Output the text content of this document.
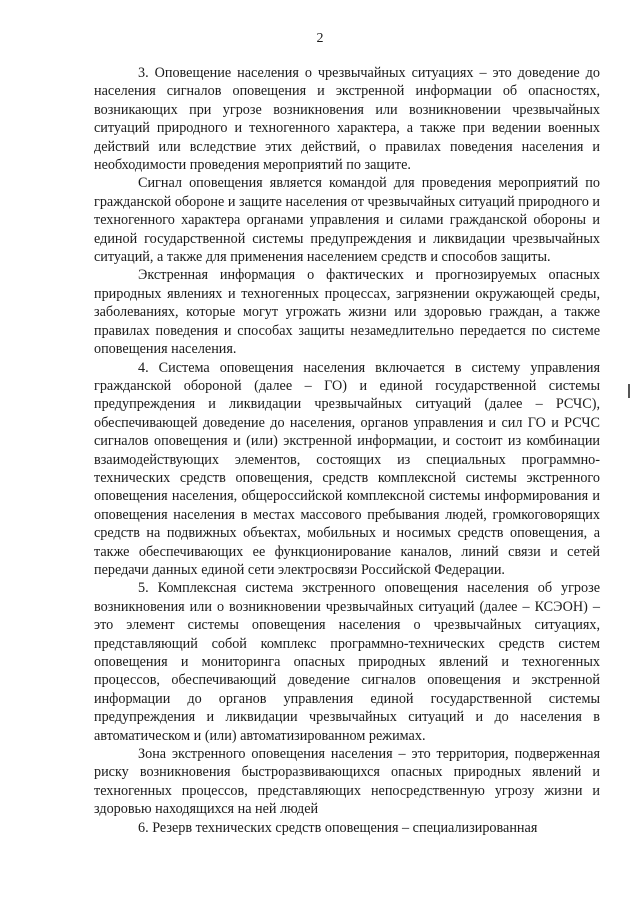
2

3. Оповещение населения о чрезвычайных ситуациях – это доведение до населения сигналов оповещения и экстренной информации об опасностях, возникающих при угрозе возникновения или возникновении чрезвычайных ситуаций природного и техногенного характера, а также при ведении военных действий или вследствие этих действий, о правилах поведения населения и необходимости проведения мероприятий по защите.

Сигнал оповещения является командой для проведения мероприятий по гражданской обороне и защите населения от чрезвычайных ситуаций природного и техногенного характера органами управления и силами гражданской обороны и единой государственной системы предупреждения и ликвидации чрезвычайных ситуаций, а также для применения населением средств и способов защиты.

Экстренная информация о фактических и прогнозируемых опасных природных явлениях и техногенных процессах, загрязнении окружающей среды, заболеваниях, которые могут угрожать жизни или здоровью граждан, а также правилах поведения и способах защиты незамедлительно передается по системе оповещения населения.

4. Система оповещения населения включается в систему управления гражданской обороной (далее – ГО) и единой государственной системы предупреждения и ликвидации чрезвычайных ситуаций (далее – РСЧС), обеспечивающей доведение до населения, органов управления и сил ГО и РСЧС сигналов оповещения и (или) экстренной информации, и состоит из комбинации взаимодействующих элементов, состоящих из специальных программно-технических средств оповещения, средств комплексной системы экстренного оповещения населения, общероссийской комплексной системы информирования и оповещения населения в местах массового пребывания людей, громкоговорящих средств на подвижных объектах, мобильных и носимых средств оповещения, а также обеспечивающих ее функционирование каналов, линий связи и сетей передачи данных единой сети электросвязи Российской Федерации.

5. Комплексная система экстренного оповещения населения об угрозе возникновения или о возникновении чрезвычайных ситуаций (далее – КСЭОН) – это элемент системы оповещения населения о чрезвычайных ситуациях, представляющий собой комплекс программно-технических средств систем оповещения и мониторинга опасных природных явлений и техногенных процессов, обеспечивающий доведение сигналов оповещения и экстренной информации до органов управления единой государственной системы предупреждения и ликвидации чрезвычайных ситуаций и до населения в автоматическом и (или) автоматизированном режимах.

Зона экстренного оповещения населения – это территория, подверженная риску возникновения быстроразвивающихся опасных природных явлений и техногенных процессов, представляющих непосредственную угрозу жизни и здоровью находящихся на ней людей

6. Резерв технических средств оповещения – специализированная
